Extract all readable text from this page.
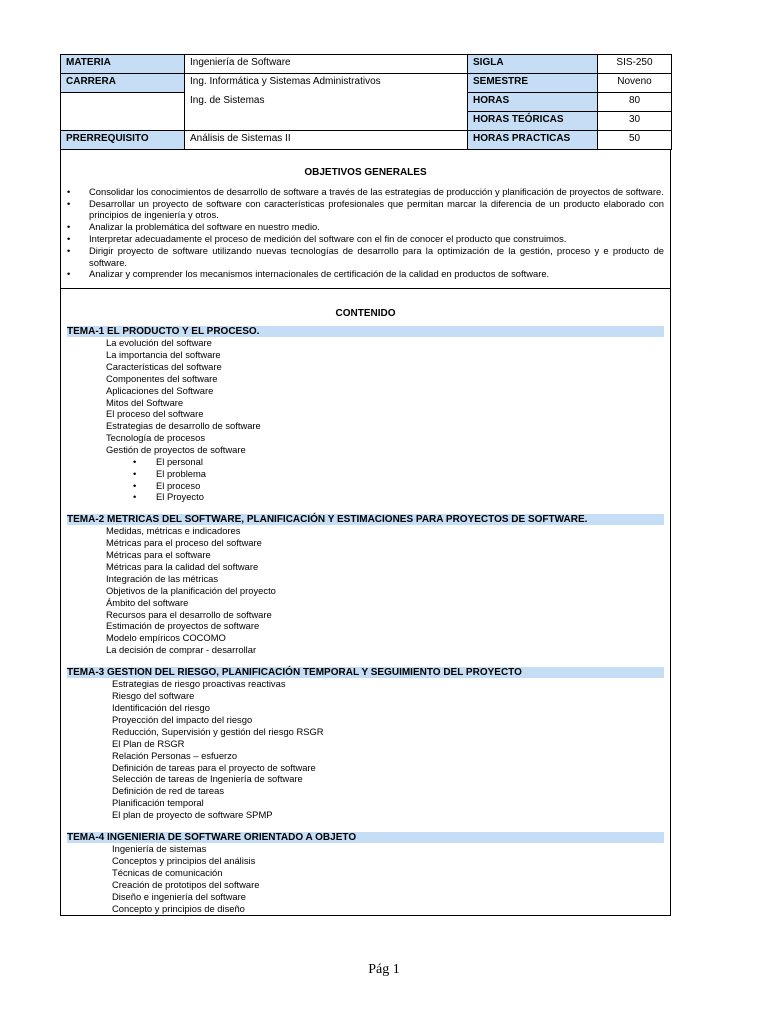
MATERIA	Ingeniería de Software	SIGLA	SIS-250
CARRERA	Ing. Informática y Sistemas Administrativos	SEMESTRE	Noveno
	Ing. de Sistemas	HORAS	80
		HORAS TEÓRICAS	30
PRERREQUISITO	Análisis de Sistemas II	HORAS PRACTICAS	50
OBJETIVOS GENERALES
• Consolidar los conocimientos de desarrollo de software a través de las estrategias de producción y planificación de proyectos de software.
• Desarrollar un proyecto de software con características profesionales que permitan marcar la diferencia de un producto elaborado con principios de ingeniería y otros.
• Analizar la problemática del software en nuestro medio.
• Interpretar adecuadamente el proceso de medición del software con el fin de conocer el producto que construimos.
• Dirigir proyecto de software utilizando nuevas tecnologías de desarrollo para la optimización de la gestión, proceso y e producto de software.
• Analizar y comprender los mecanismos internacionales de certificación de la calidad en productos de software.
CONTENIDO
TEMA-1 EL PRODUCTO Y EL PROCESO.
La evolución del software
La importancia del software
Características del software
Componentes del software
Aplicaciones del Software
Mitos del Software
El proceso del software
Estrategias de desarrollo de software
Tecnología de procesos
Gestión de proyectos de software
• El personal
• El problema
• El proceso
• El Proyecto
TEMA-2 METRICAS DEL SOFTWARE, PLANIFICACIÓN Y ESTIMACIONES PARA PROYECTOS DE SOFTWARE.
Medidas, métricas e indicadores
Métricas para el proceso del software
Métricas para el software
Métricas para la calidad del software
Integración de las métricas
Objetivos de la planificación del proyecto
Ámbito del software
Recursos para el desarrollo de software
Estimación de proyectos de software
Modelo empíricos COCOMO
La decisión de comprar - desarrollar
TEMA-3 GESTION DEL RIESGO, PLANIFICACIÓN TEMPORAL Y SEGUIMIENTO DEL PROYECTO
Estrategias de riesgo proactivas reactivas
Riesgo del software
Identificación del riesgo
Proyección del impacto del riesgo
Reducción, Supervisión y gestión del riesgo RSGR
El Plan de RSGR
Relación Personas – esfuerzo
Definición de tareas para el proyecto de software
Selección de tareas de Ingeniería de software
Definición de red de tareas
Planificación temporal
El plan de proyecto de software SPMP
TEMA-4 INGENIERIA DE SOFTWARE ORIENTADO A OBJETO
Ingeniería de sistemas
Conceptos y principios del análisis
Técnicas de comunicación
Creación de prototipos del software
Diseño e ingeniería del software
Concepto y principios de diseño
Pág 1
